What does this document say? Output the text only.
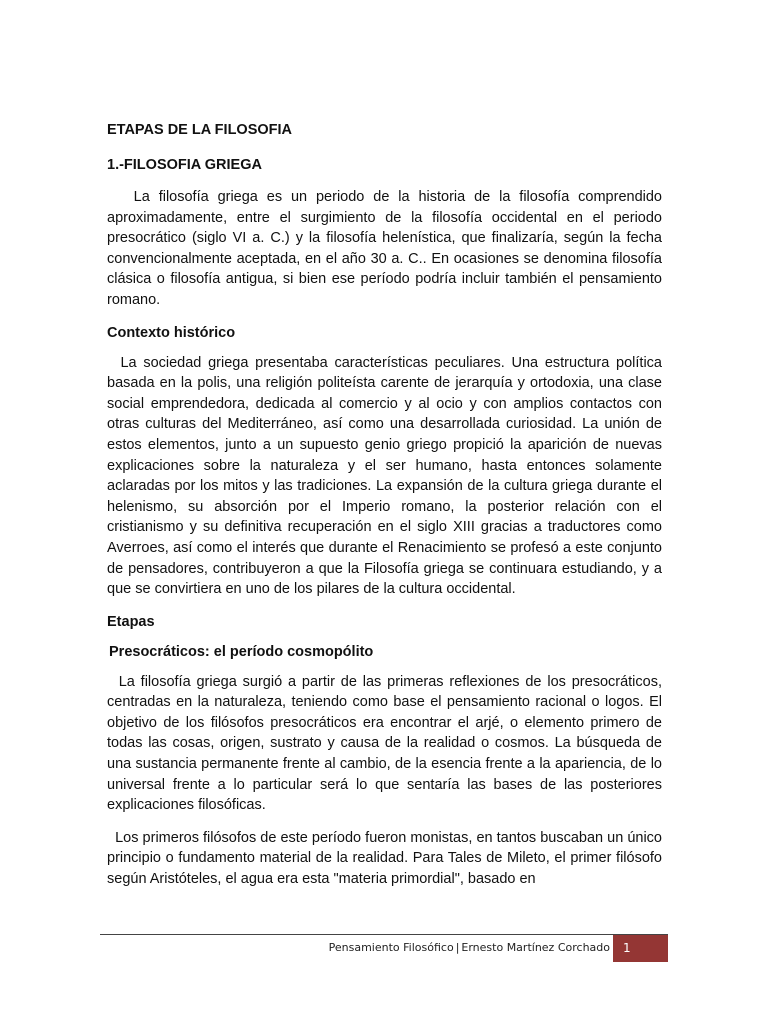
ETAPAS DE LA FILOSOFIA
1.-FILOSOFIA GRIEGA

La filosofía griega es un periodo de la historia de la filosofía comprendido aproximadamente, entre el surgimiento de la filosofía occidental en el periodo presocrático (siglo VI a. C.) y la filosofía helenística, que finalizaría, según la fecha convencionalmente aceptada, en el año 30 a. C.. En ocasiones se denomina filosofía clásica o filosofía antigua, si bien ese período podría incluir también el pensamiento romano.

Contexto histórico

La sociedad griega presentaba características peculiares. Una estructura política basada en la polis, una religión politeísta carente de jerarquía y ortodoxia, una clase social emprendedora, dedicada al comercio y al ocio y con amplios contactos con otras culturas del Mediterráneo, así como una desarrollada curiosidad. La unión de estos elementos, junto a un supuesto genio griego propició la aparición de nuevas explicaciones sobre la naturaleza y el ser humano, hasta entonces solamente aclaradas por los mitos y las tradiciones. La expansión de la cultura griega durante el helenismo, su absorción por el Imperio romano, la posterior relación con el cristianismo y su definitiva recuperación en el siglo XIII gracias a traductores como Averroes, así como el interés que durante el Renacimiento se profesó a este conjunto de pensadores, contribuyeron a que la Filosofía griega se continuara estudiando, y a que se convirtiera en uno de los pilares de la cultura occidental.

Etapas
Presocráticos: el período cosmopólito

La filosofía griega surgió a partir de las primeras reflexiones de los presocráticos, centradas en la naturaleza, teniendo como base el pensamiento racional o logos. El objetivo de los filósofos presocráticos era encontrar el arjé, o elemento primero de todas las cosas, origen, sustrato y causa de la realidad o cosmos. La búsqueda de una sustancia permanente frente al cambio, de la esencia frente a la apariencia, de lo universal frente a lo particular será lo que sentaría las bases de las posteriores explicaciones filosóficas.

Los primeros filósofos de este período fueron monistas, en tantos buscaban un único principio o fundamento material de la realidad. Para Tales de Mileto, el primer filósofo según Aristóteles, el agua era esta "materia primordial", basado en

Pensamiento Filosófico | Ernesto Martínez Corchado	1
